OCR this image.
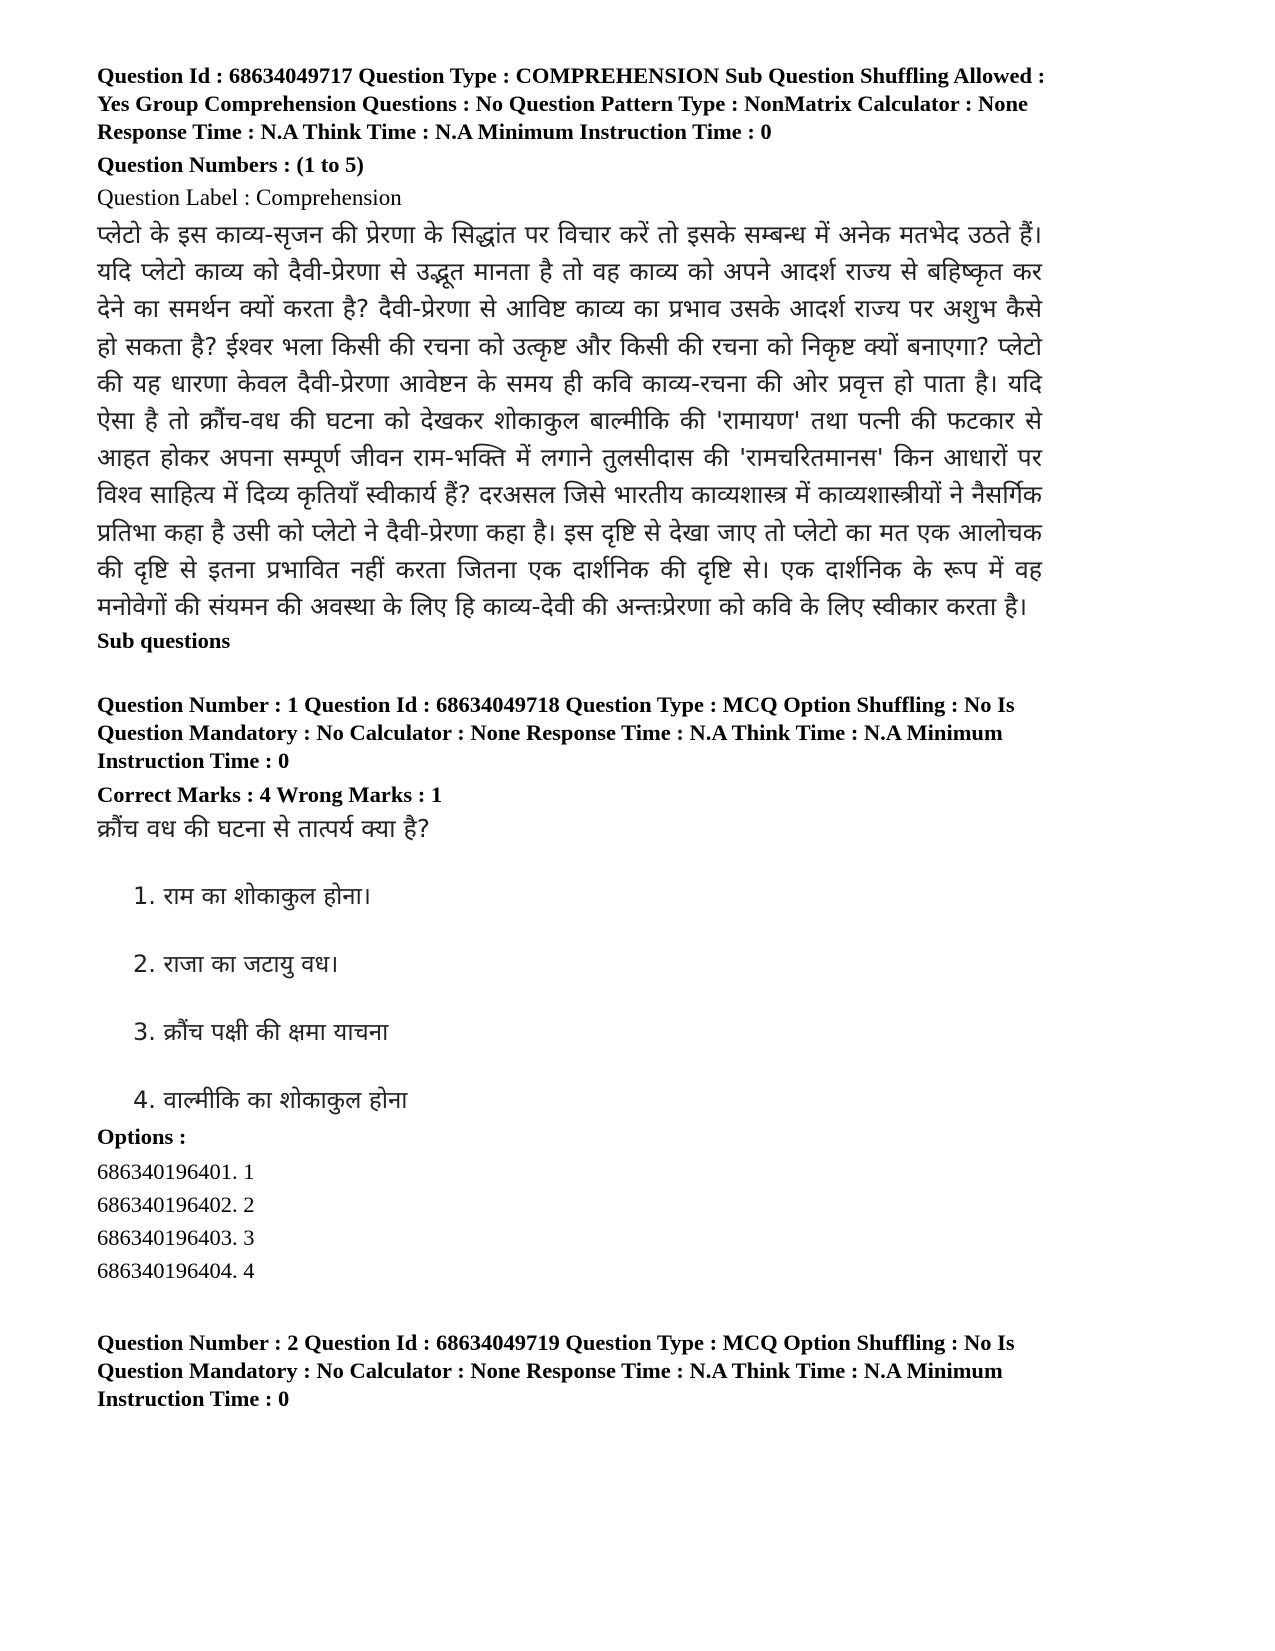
Question Id : 68634049717 Question Type : COMPREHENSION Sub Question Shuffling Allowed :

Yes Group Comprehension Questions : No Question Pattern Type : NonMatrix Calculator : None

Response Time : N.A Think Time : N.A Minimum Instruction Time : 0

Question Numbers : (1 to 5)

Question Label : Comprehension

प्लेटो के इस काव्य-सृजन की प्रेरणा के सिद्धांत पर विचार करें तो इसके सम्बन्ध में अनेक मतभेद उठते हैं। यदि प्लेटो काव्य को दैवी-प्रेरणा से उद्भूत मानता है तो वह काव्य को अपने आदर्श राज्य से बहिष्कृत कर देने का समर्थन क्यों करता है? दैवी-प्रेरणा से आविष्ट काव्य का प्रभाव उसके आदर्श राज्य पर अशुभ कैसे हो सकता है? ईश्वर भला किसी की रचना को उत्कृष्ट और किसी की रचना को निकृष्ट क्यों बनाएगा? प्लेटो की यह धारणा केवल दैवी-प्रेरणा आवेष्टन के समय ही कवि काव्य-रचना की ओर प्रवृत्त हो पाता है। यदि ऐसा है तो क्रौंच-वध की घटना को देखकर शोकाकुल बाल्मीकि की 'रामायण' तथा पत्नी की फटकार से आहत होकर अपना सम्पूर्ण जीवन राम-भक्ति में लगाने तुलसीदास की 'रामचरितमानस' किन आधारों पर विश्व साहित्य में दिव्य कृतियाँ स्वीकार्य हैं? दरअसल जिसे भारतीय काव्यशास्त्र में काव्यशास्त्रीयों ने नैसर्गिक प्रतिभा कहा है उसी को प्लेटो ने दैवी-प्रेरणा कहा है। इस दृष्टि से देखा जाए तो प्लेटो का मत एक आलोचक की दृष्टि से इतना प्रभावित नहीं करता जितना एक दार्शनिक की दृष्टि से। एक दार्शनिक के रूप में वह मनोवेगों की संयमन की अवस्था के लिए हि काव्य-देवी की अन्तःप्रेरणा को कवि के लिए स्वीकार करता है।

Sub questions

Question Number : 1 Question Id : 68634049718 Question Type : MCQ Option Shuffling : No Is

Question Mandatory : No Calculator : None Response Time : N.A Think Time : N.A Minimum

Instruction Time : 0

Correct Marks : 4 Wrong Marks : 1

क्रौंच वध की घटना से तात्पर्य क्या है?

1. राम का शोकाकुल होना।

2. राजा का जटायु वध।

3. क्रौंच पक्षी की क्षमा याचना

4. वाल्मीकि का शोकाकुल होना

Options :

686340196401. 1

686340196402. 2

686340196403. 3

686340196404. 4

Question Number : 2 Question Id : 68634049719 Question Type : MCQ Option Shuffling : No Is

Question Mandatory : No Calculator : None Response Time : N.A Think Time : N.A Minimum

Instruction Time : 0
